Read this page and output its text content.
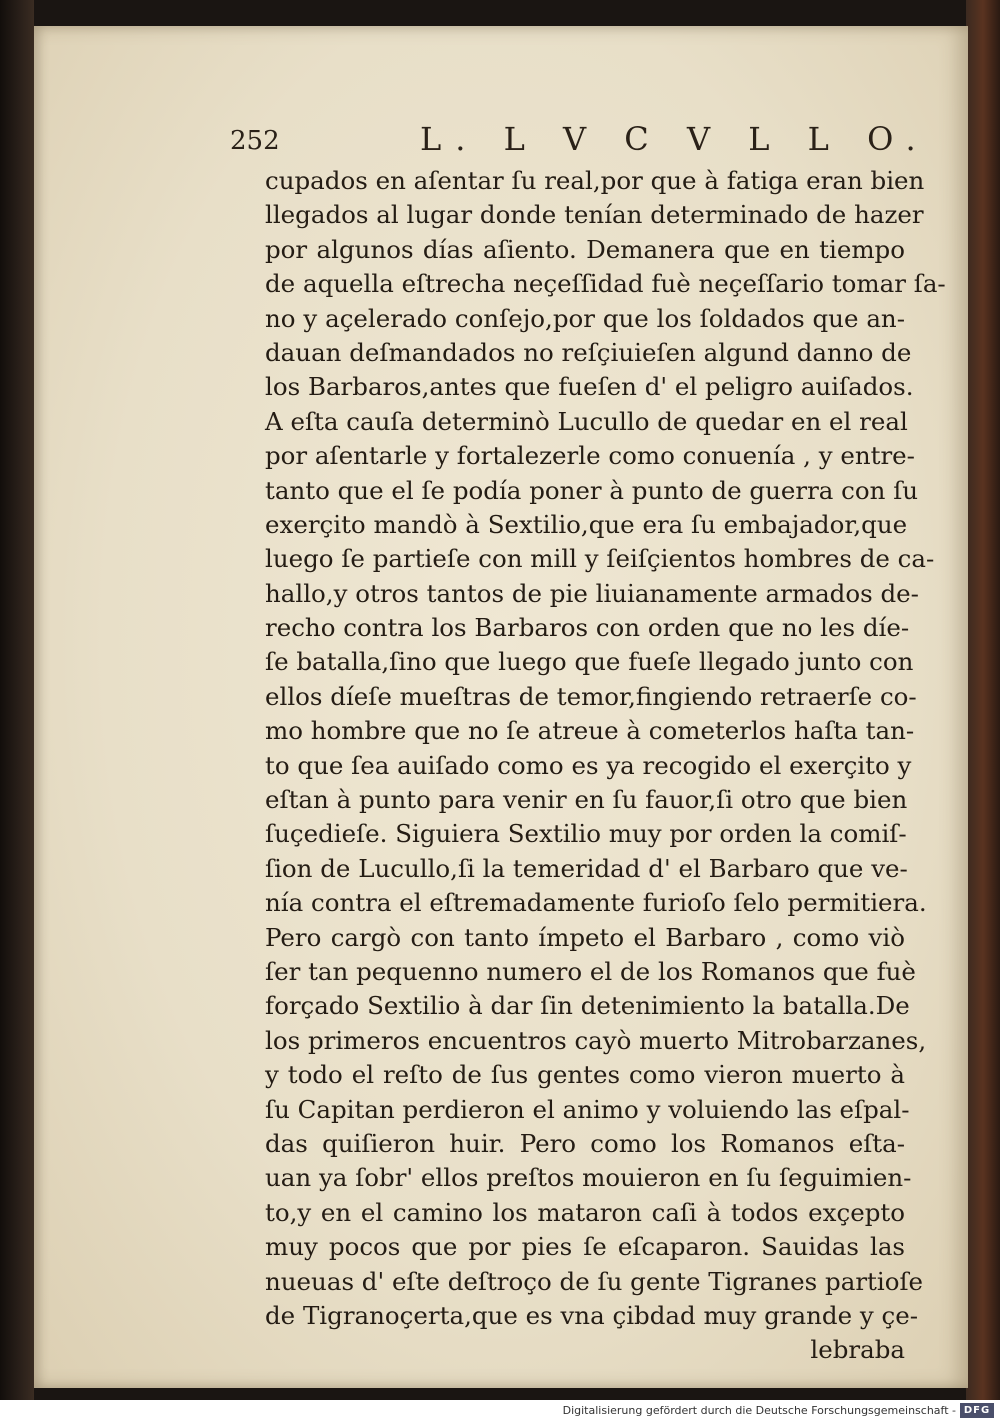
252	L. L V C V L L O.
cupados en aſentar ſu real,por que à fatiga eran bien
llegados al lugar donde tenían determinado de hazer
por algunos días aſiento. Demanera que en tiempo
de aquella eſtrecha neçeſſidad fuè neçeſſario tomar ſa-
no y açelerado conſejo,por que los ſoldados que an-
dauan deſmandados no reſçiuieſen algund danno de
los Barbaros,antes que fueſen d' el peligro auiſados.
A eſta cauſa determinò Lucullo de quedar en el real
por aſentarle y fortalezerle como conuenía , y entre-
tanto que el ſe podía poner à punto de guerra con ſu
exerçito mandò à Sextilio,que era ſu embajador,que
luego ſe partieſe con mill y ſeiſçientos hombres de ca-
hallo,y otros tantos de pie liuianamente armados de-
recho contra los Barbaros con orden que no les díe-
ſe batalla,ſino que luego que fueſe llegado junto con
ellos díeſe mueſtras de temor,fingiendo retraerſe co-
mo hombre que no ſe atreue à cometerlos haſta tan-
to que ſea auiſado como es ya recogido el exerçito y
eſtan à punto para venir en ſu fauor,ſi otro que bien
ſuçedieſe. Siguiera Sextilio muy por orden la comiſ-
ſion de Lucullo,ſi la temeridad d' el Barbaro que ve-
nía contra el eſtremadamente furioſo ſelo permitiera.
Pero cargò con tanto ímpeto el Barbaro , como viò
ſer tan pequenno numero el de los Romanos que fuè
forçado Sextilio à dar ſin detenimiento la batalla.De
los primeros encuentros cayò muerto Mitrobarzanes,
y todo el reſto de ſus gentes como vieron muerto à
ſu Capitan perdieron el animo y voluiendo las eſpal-
das quiſieron huir. Pero como los Romanos eſta-
uan ya ſobr' ellos preſtos mouieron en ſu ſeguimien-
to,y en el camino los mataron caſi à todos exçepto
muy pocos que por pies ſe eſcaparon. Sauidas las
nueuas d' eſte deſtroço de ſu gente Tigranes partioſe
de Tigranoçerta,que es vna çibdad muy grande y çe-
lebraba
Digitalisierung gefördert durch die Deutsche Forschungsgemeinschaft - DFG
